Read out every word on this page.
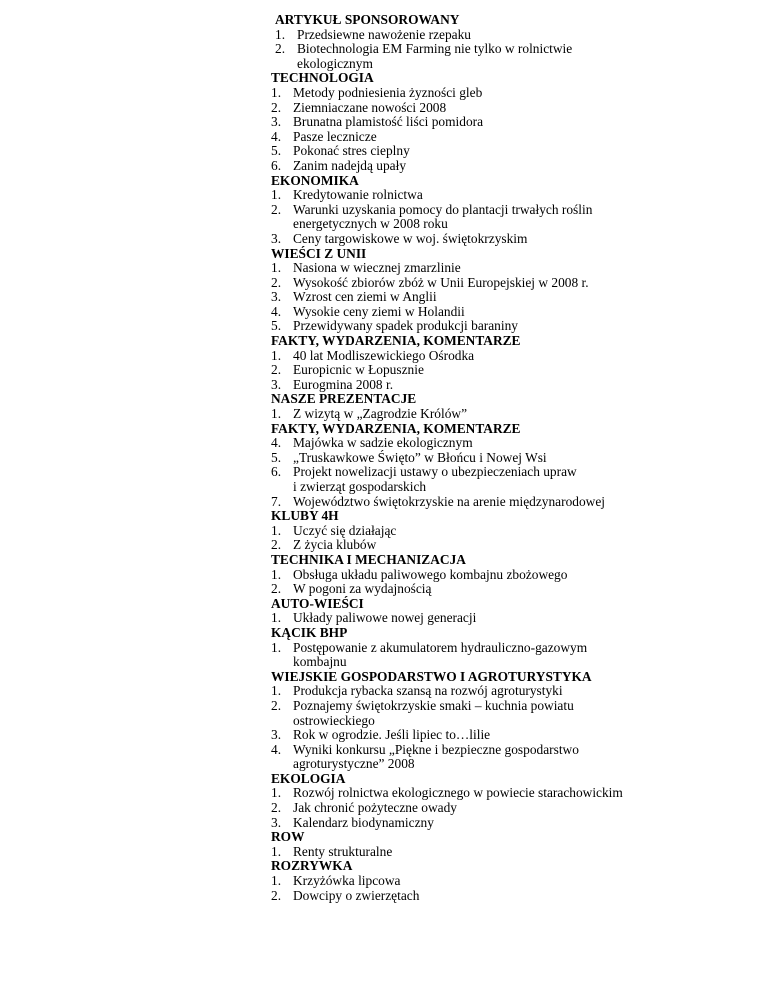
ARTYKUŁ SPONSOROWANY
1. Przedsiewne nawożenie rzepaku
2. Biotechnologia EM Farming nie tylko w rolnictwie
ekologicznym
TECHNOLOGIA
1. Metody podniesienia żyzności gleb
2. Ziemniaczane nowości 2008
3. Brunatna plamistość liści pomidora
4. Pasze lecznicze
5. Pokonać stres cieplny
6. Zanim nadejdą upały
EKONOMIKA
1. Kredytowanie rolnictwa
2. Warunki uzyskania pomocy do plantacji trwałych roślin
energetycznych w 2008 roku
3. Ceny targowiskowe w woj. świętokrzyskim
WIEŚCI Z UNII
1. Nasiona w wiecznej zmarzlinie
2. Wysokość zbiorów zbóż w Unii Europejskiej w 2008 r.
3. Wzrost cen ziemi w Anglii
4. Wysokie ceny ziemi w Holandii
5. Przewidywany spadek produkcji baraniny
FAKTY, WYDARZENIA, KOMENTARZE
1. 40 lat Modliszewickiego Ośrodka
2. Europicnic w Łopusznie
3. Eurogmina 2008 r.
NASZE PREZENTACJE
1. Z wizytą w „Zagrodzie Królów”
FAKTY, WYDARZENIA, KOMENTARZE
4. Majówka w sadzie ekologicznym
5. „Truskawkowe Święto” w Błońcu i Nowej Wsi
6. Projekt nowelizacji ustawy o ubezpieczeniach upraw
i zwierząt gospodarskich
7. Województwo świętokrzyskie na arenie międzynarodowej
KLUBY 4H
1. Uczyć się działając
2. Z życia klubów
TECHNIKA I MECHANIZACJA
1. Obsługa układu paliwowego kombajnu zbożowego
2. W pogoni za wydajnością
AUTO-WIEŚCI
1. Układy paliwowe nowej generacji
KĄCIK BHP
1. Postępowanie z akumulatorem hydrauliczno-gazowym
kombajnu
WIEJSKIE GOSPODARSTWO I AGROTURYSTYKA
1. Produkcja rybacka szansą na rozwój agroturystyki
2. Poznajemy świętokrzyskie smaki – kuchnia powiatu
ostrowieckiego
3. Rok w ogrodzie. Jeśli lipiec to…lilie
4. Wyniki konkursu „Piękne i bezpieczne gospodarstwo
agroturystyczne” 2008
EKOLOGIA
1. Rozwój rolnictwa ekologicznego w powiecie starachowickim
2. Jak chronić pożyteczne owady
3. Kalendarz biodynamiczny
ROW
1. Renty strukturalne
ROZRYWKA
1. Krzyżówka lipcowa
2. Dowcipy o zwierzętach
